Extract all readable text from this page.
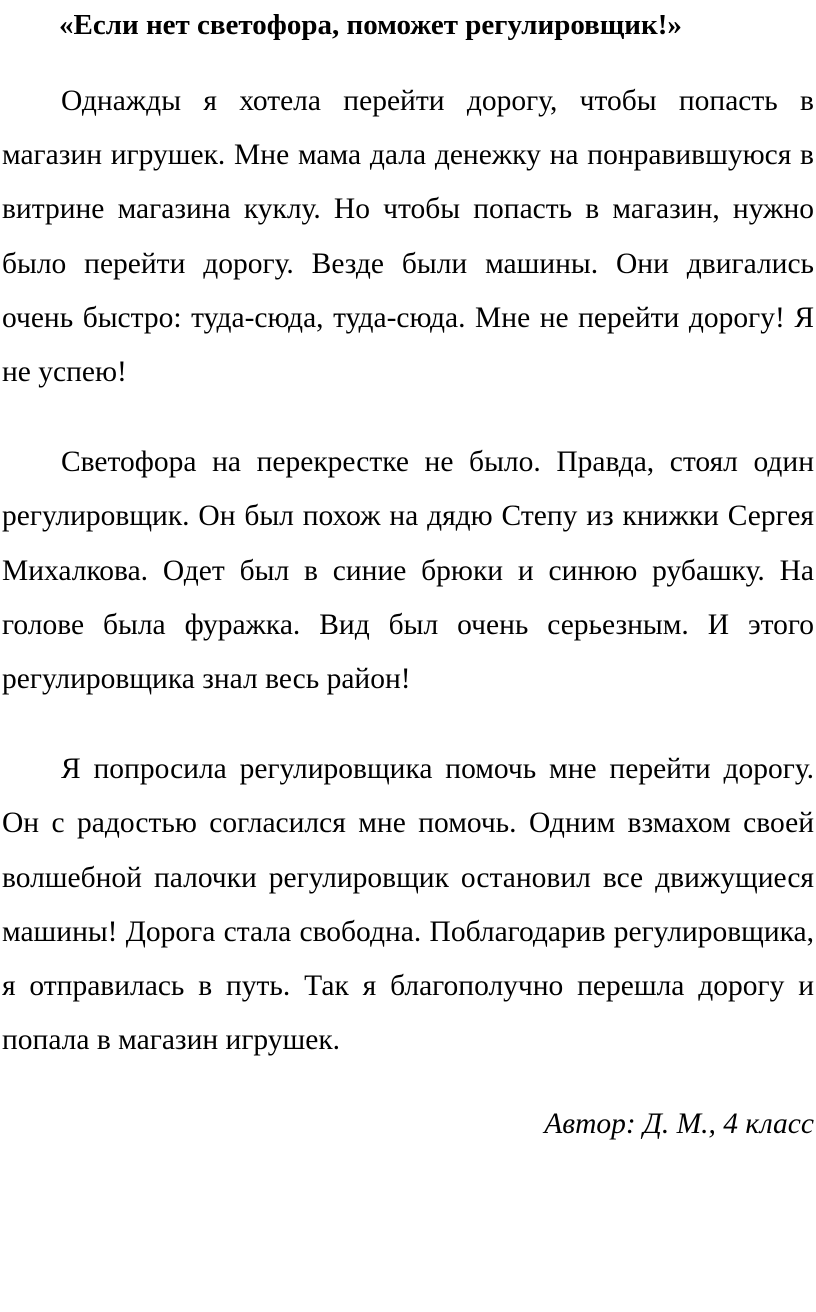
«Если нет светофора, поможет регулировщик!»

Однажды я хотела перейти дорогу, чтобы попасть в магазин игрушек. Мне мама дала денежку на понравившуюся в витрине магазина куклу. Но чтобы попасть в магазин, нужно было перейти дорогу. Везде были машины. Они двигались очень быстро: туда-сюда, туда-сюда. Мне не перейти дорогу! Я не успею!

Светофора на перекрестке не было. Правда, стоял один регулировщик. Он был похож на дядю Степу из книжки Сергея Михалкова. Одет был в синие брюки и синюю рубашку. На голове была фуражка. Вид был очень серьезным. И этого регулировщика знал весь район!

Я попросила регулировщика помочь мне перейти дорогу. Он с радостью согласился мне помочь. Одним взмахом своей волшебной палочки регулировщик остановил все движущиеся машины! Дорога стала свободна. Поблагодарив регулировщика, я отправилась в путь. Так я благополучно перешла дорогу и попала в магазин игрушек.

Автор: Д. М., 4 класс
